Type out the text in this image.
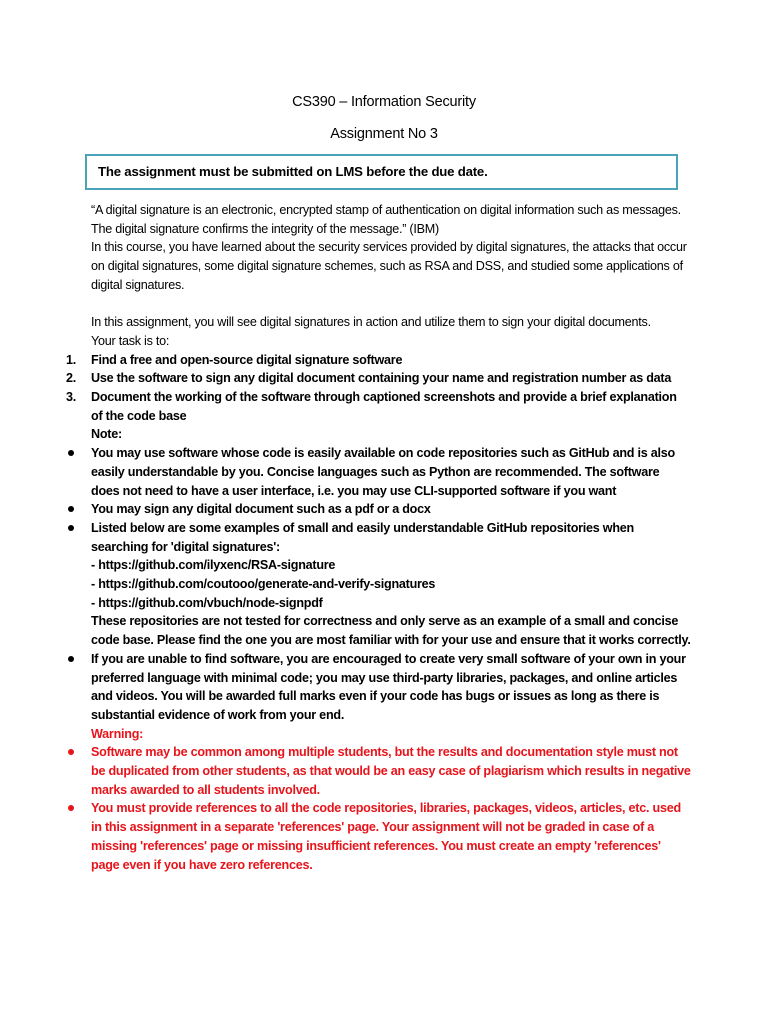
CS390 – Information Security
Assignment No 3
The assignment must be submitted on LMS before the due date.

“A digital signature is an electronic, encrypted stamp of authentication on digital information such as messages. The digital signature confirms the integrity of the message.” (IBM)

In this course, you have learned about the security services provided by digital signatures, the attacks that occur on digital signatures, some digital signature schemes, such as RSA and DSS, and studied some applications of digital signatures.

In this assignment, you will see digital signatures in action and utilize them to sign your digital documents.

Your task is to:

1.	Find a free and open-source digital signature software
2.	Use the software to sign any digital document containing your name and registration number as data
3.	Document the working of the software through captioned screenshots and provide a brief explanation of the code base

Note:

You may use software whose code is easily available on code repositories such as GitHub and is also easily understandable by you. Concise languages such as Python are recommended. The software does not need to have a user interface, i.e. you may use CLI-supported software if you want
You may sign any digital document such as a pdf or a docx
Listed below are some examples of small and easily understandable GitHub repositories when searching for 'digital signatures':
- https://github.com/ilyxenc/RSA-signature
- https://github.com/coutooo/generate-and-verify-signatures
- https://github.com/vbuch/node-signpdf
These repositories are not tested for correctness and only serve as an example of a small and concise code base. Please find the one you are most familiar with for your use and ensure that it works correctly.
If you are unable to find software, you are encouraged to create very small software of your own in your preferred language with minimal code; you may use third-party libraries, packages, and online articles and videos. You will be awarded full marks even if your code has bugs or issues as long as there is substantial evidence of work from your end.

Warning:

Software may be common among multiple students, but the results and documentation style must not be duplicated from other students, as that would be an easy case of plagiarism which results in negative marks awarded to all students involved.
You must provide references to all the code repositories, libraries, packages, videos, articles, etc. used in this assignment in a separate 'references' page. Your assignment will not be graded in case of a missing 'references' page or missing insufficient references. You must create an empty 'references' page even if you have zero references.
